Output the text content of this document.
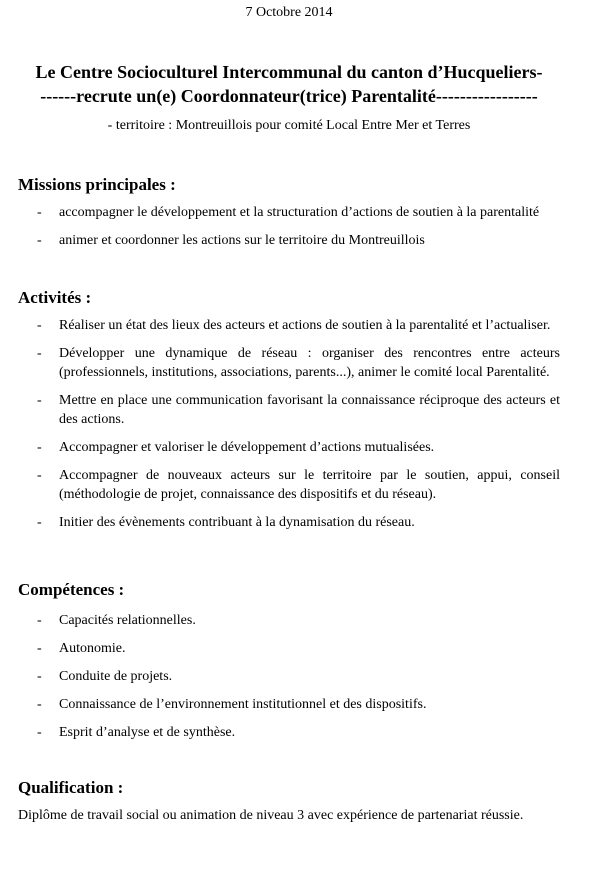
7 Octobre 2014
Le Centre Socioculturel Intercommunal du canton d’Hucqueliers-
------recrute un(e) Coordonnateur(trice) Parentalité-----------------
- territoire : Montreuillois pour comité Local Entre Mer et Terres
Missions principales :
- accompagner le développement et la structuration d’actions de soutien à la parentalité
- animer et coordonner les actions sur le territoire du Montreuillois
Activités :
- Réaliser un état des lieux des acteurs et actions de soutien à la parentalité et l’actualiser.
- Développer une dynamique de réseau : organiser des rencontres entre acteurs (professionnels, institutions, associations, parents...), animer le comité local Parentalité.
- Mettre en place une communication favorisant la connaissance réciproque des acteurs et des actions.
- Accompagner et valoriser le développement d’actions mutualisées.
- Accompagner de nouveaux acteurs sur le territoire par le soutien, appui, conseil (méthodologie de projet, connaissance des dispositifs et du réseau).
- Initier des évènements contribuant à la dynamisation du réseau.
Compétences :
- Capacités relationnelles.
- Autonomie.
- Conduite de projets.
- Connaissance de l’environnement institutionnel et des dispositifs.
- Esprit d’analyse et de synthèse.
Qualification :
Diplôme de travail social ou animation de niveau 3 avec expérience de partenariat réussie.
